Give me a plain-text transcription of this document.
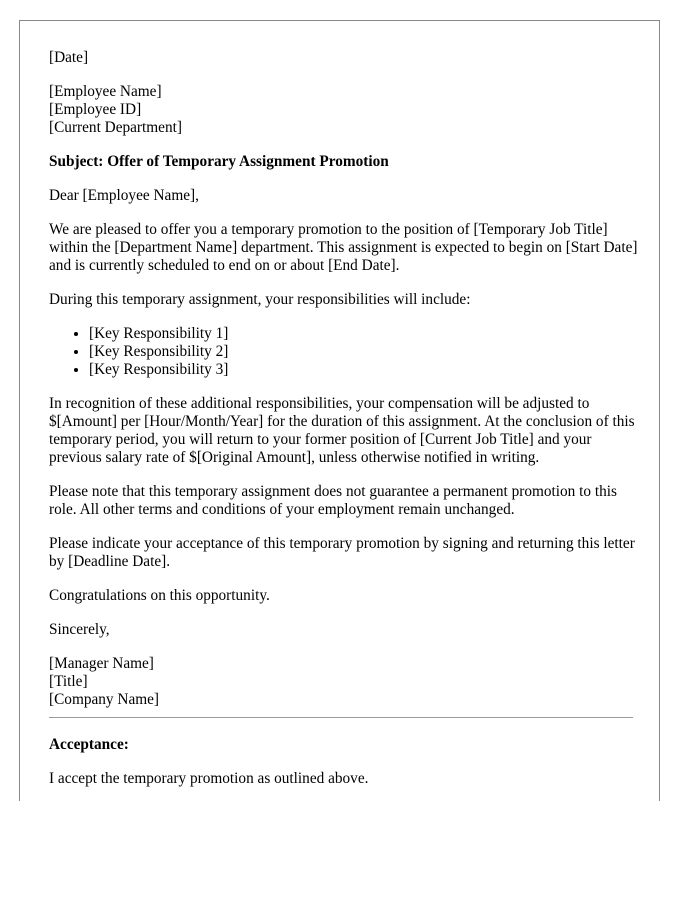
[Date]

[Employee Name]
[Employee ID]
[Current Department]

Subject: Offer of Temporary Assignment Promotion

Dear [Employee Name],

We are pleased to offer you a temporary promotion to the position of [Temporary Job Title] within the [Department Name] department. This assignment is expected to begin on [Start Date] and is currently scheduled to end on or about [End Date].

During this temporary assignment, your responsibilities will include:

• [Key Responsibility 1]
• [Key Responsibility 2]
• [Key Responsibility 3]

In recognition of these additional responsibilities, your compensation will be adjusted to $[Amount] per [Hour/Month/Year] for the duration of this assignment. At the conclusion of this temporary period, you will return to your former position of [Current Job Title] and your previous salary rate of $[Original Amount], unless otherwise notified in writing.

Please note that this temporary assignment does not guarantee a permanent promotion to this role. All other terms and conditions of your employment remain unchanged.

Please indicate your acceptance of this temporary promotion by signing and returning this letter by [Deadline Date].

Congratulations on this opportunity.

Sincerely,

[Manager Name]
[Title]
[Company Name]

Acceptance:

I accept the temporary promotion as outlined above.
